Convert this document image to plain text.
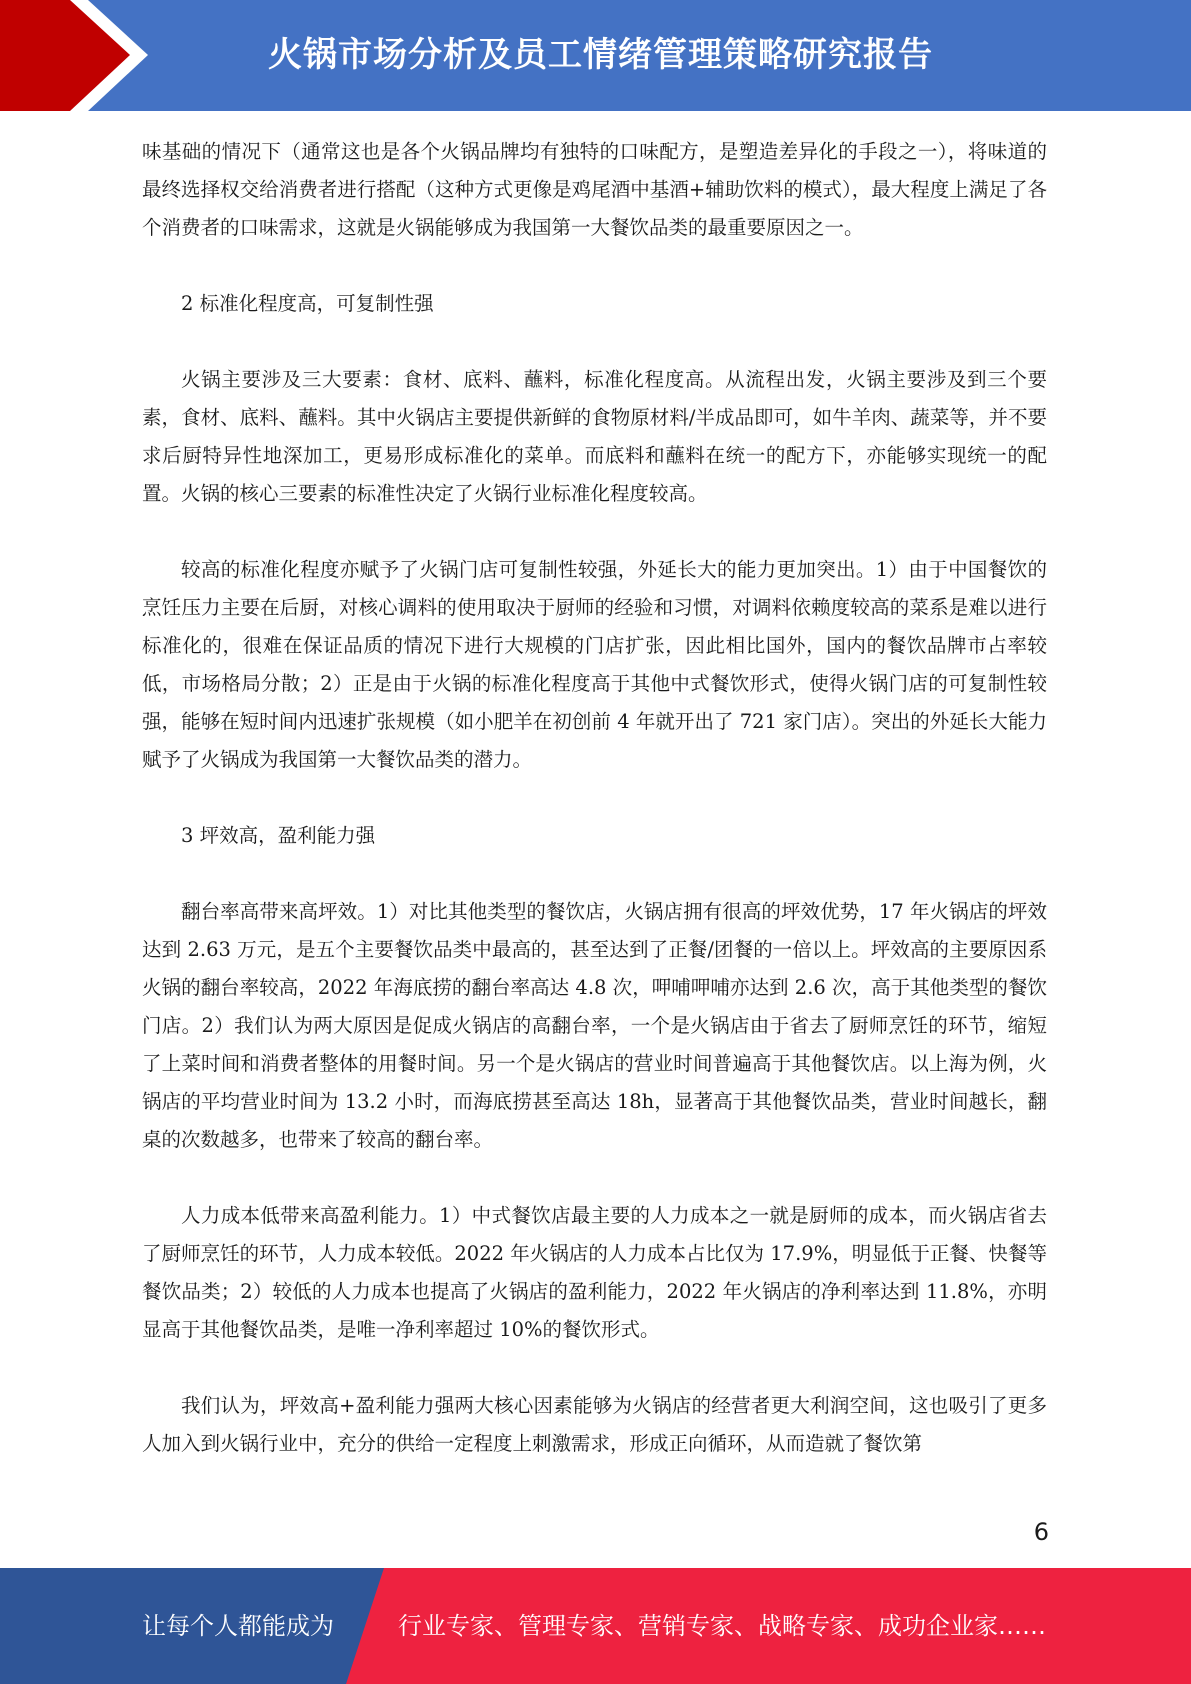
火锅市场分析及员工情绪管理策略研究报告

味基础的情况下（通常这也是各个火锅品牌均有独特的口味配方，是塑造差异化的手段之一），将味道的最终选择权交给消费者进行搭配（这种方式更像是鸡尾酒中基酒+辅助饮料的模式），最大程度上满足了各个消费者的口味需求，这就是火锅能够成为我国第一大餐饮品类的最重要原因之一。

2 标准化程度高，可复制性强

火锅主要涉及三大要素：食材、底料、蘸料，标准化程度高。从流程出发，火锅主要涉及到三个要素，食材、底料、蘸料。其中火锅店主要提供新鲜的食物原材料/半成品即可，如牛羊肉、蔬菜等，并不要求后厨特异性地深加工，更易形成标准化的菜单。而底料和蘸料在统一的配方下，亦能够实现统一的配置。火锅的核心三要素的标准性决定了火锅行业标准化程度较高。

较高的标准化程度亦赋予了火锅门店可复制性较强，外延长大的能力更加突出。1）由于中国餐饮的烹饪压力主要在后厨，对核心调料的使用取决于厨师的经验和习惯，对调料依赖度较高的菜系是难以进行标准化的，很难在保证品质的情况下进行大规模的门店扩张，因此相比国外，国内的餐饮品牌市占率较低，市场格局分散；2）正是由于火锅的标准化程度高于其他中式餐饮形式，使得火锅门店的可复制性较强，能够在短时间内迅速扩张规模（如小肥羊在初创前 4 年就开出了 721 家门店）。突出的外延长大能力赋予了火锅成为我国第一大餐饮品类的潜力。

3 坪效高，盈利能力强

翻台率高带来高坪效。1）对比其他类型的餐饮店，火锅店拥有很高的坪效优势，17 年火锅店的坪效达到 2.63 万元，是五个主要餐饮品类中最高的，甚至达到了正餐/团餐的一倍以上。坪效高的主要原因系火锅的翻台率较高，2022 年海底捞的翻台率高达 4.8 次，呷哺呷哺亦达到 2.6 次，高于其他类型的餐饮门店。2）我们认为两大原因是促成火锅店的高翻台率，一个是火锅店由于省去了厨师烹饪的环节，缩短了上菜时间和消费者整体的用餐时间。另一个是火锅店的营业时间普遍高于其他餐饮店。以上海为例，火锅店的平均营业时间为 13.2 小时，而海底捞甚至高达 18h，显著高于其他餐饮品类，营业时间越长，翻桌的次数越多，也带来了较高的翻台率。

人力成本低带来高盈利能力。1）中式餐饮店最主要的人力成本之一就是厨师的成本，而火锅店省去了厨师烹饪的环节，人力成本较低。2022 年火锅店的人力成本占比仅为 17.9%，明显低于正餐、快餐等餐饮品类；2）较低的人力成本也提高了火锅店的盈利能力，2022 年火锅店的净利率达到 11.8%，亦明显高于其他餐饮品类，是唯一净利率超过 10%的餐饮形式。

我们认为，坪效高+盈利能力强两大核心因素能够为火锅店的经营者更大利润空间，这也吸引了更多人加入到火锅行业中，充分的供给一定程度上刺激需求，形成正向循环，从而造就了餐饮第

6
让每个人都能成为	行业专家、管理专家、营销专家、战略专家、成功企业家……
